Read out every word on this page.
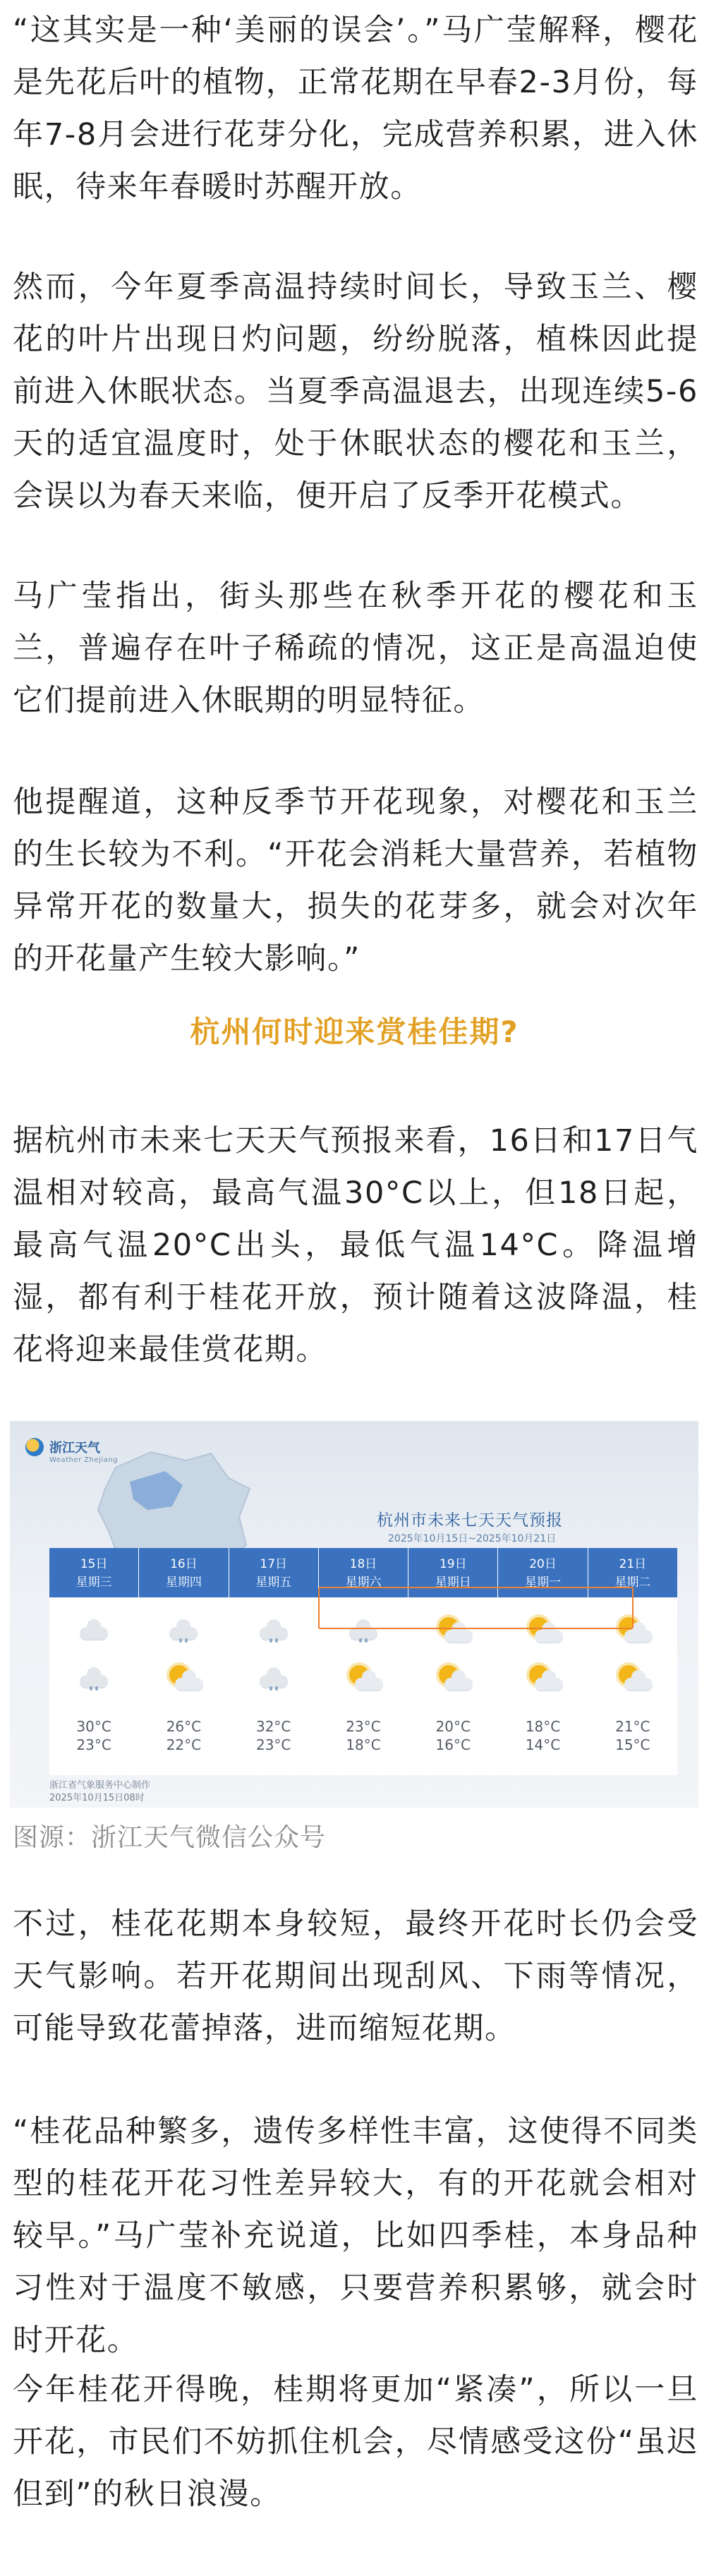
“这其实是一种‘美丽的误会’。”马广莹解释，樱花是先花后叶的植物，正常花期在早春2-3月份，每年7-8月会进行花芽分化，完成营养积累，进入休眠，待来年春暖时苏醒开放。

然而，今年夏季高温持续时间长，导致玉兰、樱花的叶片出现日灼问题，纷纷脱落，植株因此提前进入休眠状态。当夏季高温退去，出现连续5-6天的适宜温度时，处于休眠状态的樱花和玉兰，会误以为春天来临，便开启了反季开花模式。

马广莹指出，街头那些在秋季开花的樱花和玉兰，普遍存在叶子稀疏的情况，这正是高温迫使它们提前进入休眠期的明显特征。

他提醒道，这种反季节开花现象，对樱花和玉兰的生长较为不利。“开花会消耗大量营养，若植物异常开花的数量大，损失的花芽多，就会对次年的开花量产生较大影响。”

杭州何时迎来赏桂佳期?

据杭州市未来七天天气预报来看，16日和17日气温相对较高，最高气温30°C以上，但18日起，最高气温20°C出头，最低气温14°C。降温增湿，都有利于桂花开放，预计随着这波降温，桂花将迎来最佳赏花期。

浙江天气
Weather Zhejiang
杭州市未来七天天气预报
2025年10月15日~2025年10月21日
15日
星期三
30°C
23°C
16日
星期四
26°C
22°C
17日
星期五
32°C
23°C
18日
星期六
23°C
18°C
19日
星期日
20°C
16°C
20日
星期一
18°C
14°C
21日
星期二
21°C
15°C
浙江省气象服务中心制作
2025年10月15日08时
图源：浙江天气微信公众号

不过，桂花花期本身较短，最终开花时长仍会受天气影响。若开花期间出现刮风、下雨等情况，可能导致花蕾掉落，进而缩短花期。

“桂花品种繁多，遗传多样性丰富，这使得不同类型的桂花开花习性差异较大，有的开花就会相对较早。”马广莹补充说道，比如四季桂，本身品种习性对于温度不敏感，只要营养积累够，就会时时开花。

今年桂花开得晚，桂期将更加“紧凑”，所以一旦开花，市民们不妨抓住机会，尽情感受这份“虽迟但到”的秋日浪漫。
